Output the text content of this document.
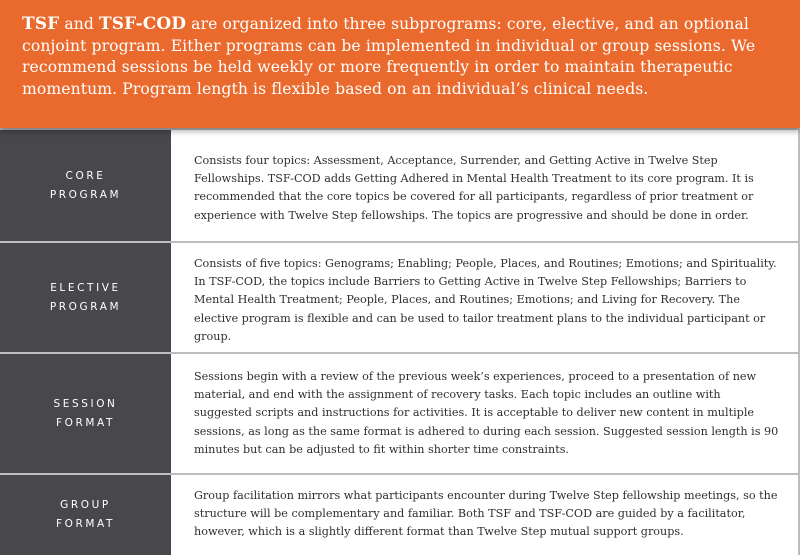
TSF and TSF-COD are organized into three subprograms: core, elective, and an optional conjoint program. Either programs can be implemented in individual or group sessions. We recommend sessions be held weekly or more frequently in order to maintain therapeutic momentum. Program length is flexible based on an individual’s clinical needs.

CORE
PROGRAM

Consists four topics: Assessment, Acceptance, Surrender, and Getting Active in Twelve Step Fellowships. TSF-COD adds Getting Adhered in Mental Health Treatment to its core program. It is recommended that the core topics be covered for all participants, regardless of prior treatment or experience with Twelve Step fellowships. The topics are progressive and should be done in order.

ELECTIVE
PROGRAM

Consists of five topics: Genograms; Enabling; People, Places, and Routines; Emotions; and Spirituality. In TSF-COD, the topics include Barriers to Getting Active in Twelve Step Fellowships; Barriers to Mental Health Treatment; People, Places, and Routines; Emotions; and Living for Recovery. The elective program is flexible and can be used to tailor treatment plans to the individual participant or group.

SESSION
FORMAT

Sessions begin with a review of the previous week’s experiences, proceed to a presentation of new material, and end with the assignment of recovery tasks. Each topic includes an outline with suggested scripts and instructions for activities. It is acceptable to deliver new content in multiple sessions, as long as the same format is adhered to during each session. Suggested session length is 90 minutes but can be adjusted to fit within shorter time constraints.

GROUP
FORMAT

Group facilitation mirrors what participants encounter during Twelve Step fellowship meetings, so the structure will be complementary and familiar. Both TSF and TSF-COD are guided by a facilitator, however, which is a slightly different format than Twelve Step mutual support groups.
